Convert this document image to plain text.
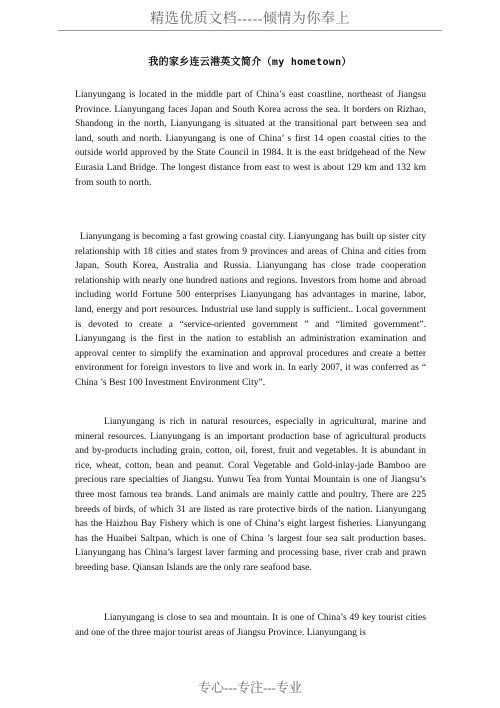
精选优质文档-----倾情为你奉上
我的家乡连云港英文简介（my hometown）

Lianyungang is located in the middle part of China’s east coastline, northeast of Jiangsu Province. Lianyungang faces Japan and South Korea across the sea. It borders on Rizhao, Shandong in the north, Lianyungang is situated at the transitional part between sea and land, south and north. Lianyungang is one of China’ s first 14 open coastal cities to the outside world approved by the State Council in 1984. It is the east bridgehead of the New Eurasia Land Bridge. The longest distance from east to west is about 129 km and 132 km from south to north.

Lianyungang is becoming a fast growing coastal city. Lianyungang has built up sister city relationship with 18 cities and states from 9 provinces and areas of China and cities from Japan, South Korea, Australia and Russia. Lianyungang has close trade cooperation relationship with nearly one hundred nations and regions. Investors from home and abroad including world Fortune 500 enterprises Lianyungang has advantages in marine, labor, land, energy and port resources. Industrial use land supply is sufficient.. Local government is devoted to create a “service-oriented government ” and “limited government”. Lianyungang is the first in the nation to establish an administration examination and approval center to simplify the examination and approval procedures and create a better environment for foreign investors to live and work in. In early 2007, it was conferred as “ China ’s Best 100 Investment Environment City”.

Lianyungang is rich in natural resources, especially in agricultural, marine and mineral resources. Lianyungang is an important production base of agricultural products and by-products including grain, cotton, oil, forest, fruit and vegetables. It is abundant in rice, wheat, cotton, bean and peanut. Coral Vegetable and Gold-inlay-jade Bamboo are precious rare specialties of Jiangsu. Yunwu Tea from Yuntai Mountain is one of Jiangsu’s three most famous tea brands. Land animals are mainly cattle and poultry, There are 225 breeds of birds, of which 31 are listed as rare protective birds of the nation. Lianyungang has the Haizhou Bay Fishery which is one of China’s eight largest fisheries. Lianyungang has the Huaibei Saltpan, which is one of China ’s largest four sea salt production bases. Lianyungang has China’s largest laver farming and processing base, river crab and prawn breeding base. Qiansan Islands are the only rare seafood base.

Lianyungang is close to sea and mountain. It is one of China’s 49 key tourist cities and one of the three major tourist areas of Jiangsu Province. Lianyungang is

专心---专注---专业
